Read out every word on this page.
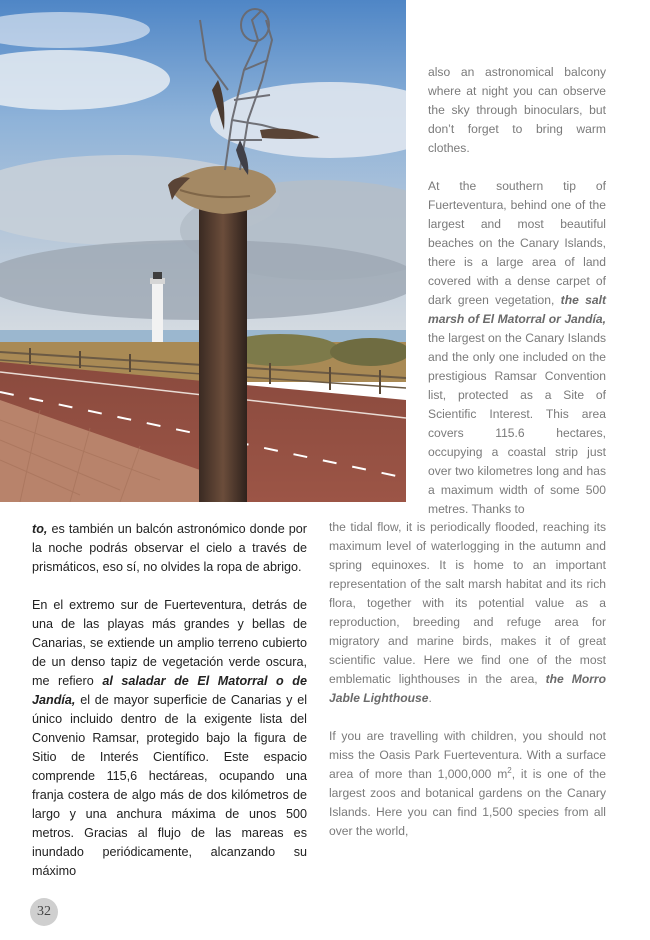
also an astronomical balcony where at night you can observe the sky through binoculars, but don’t forget to bring warm clothes.

At the southern tip of Fuerteventura, behind one of the largest and most beautiful beaches on the Canary Islands, there is a large area of land covered with a dense carpet of dark green vegetation, the salt marsh of El Matorral or Jandía, the largest on the Canary Islands and the only one included on the prestigious Ramsar Convention list, protected as a Site of Scientific Interest. This area covers 115.6 hectares, occupying a coastal strip just over two kilometres long and has a maximum width of some 500 metres. Thanks to

the tidal flow, it is periodically flooded, reaching its maximum level of waterlogging in the autumn and spring equinoxes. It is home to an important representation of the salt marsh habitat and its rich flora, together with its potential value as a reproduction, breeding and refuge area for migratory and marine birds, makes it of great scientific value. Here we find one of the most emblematic lighthouses in the area, the Morro Jable Lighthouse.

If you are travelling with children, you should not miss the Oasis Park Fuerteventura. With a surface area of more than 1,000,000 $m^2$, it is one of the largest zoos and botanical gardens on the Canary Islands. Here you can find 1,500 species from all over the world,

to, es también un balcón astronómico donde por la noche podrás observar el cielo a través de prismáticos, eso sí, no olvides la ropa de abrigo.

En el extremo sur de Fuerteventura, detrás de una de las playas más grandes y bellas de Canarias, se extiende un amplio terreno cubierto de un denso tapiz de vegetación verde oscura, me refiero al saladar de El Matorral o de Jandía, el de mayor superficie de Canarias y el único incluido dentro de la exigente lista del Convenio Ramsar, protegido bajo la figura de Sitio de Interés Científico. Este espacio comprende 115,6 hectáreas, ocupando una franja costera de algo más de dos kilómetros de largo y una anchura máxima de unos 500 metros. Gracias al flujo de las mareas es inundado periódicamente, alcanzando su máximo

32
